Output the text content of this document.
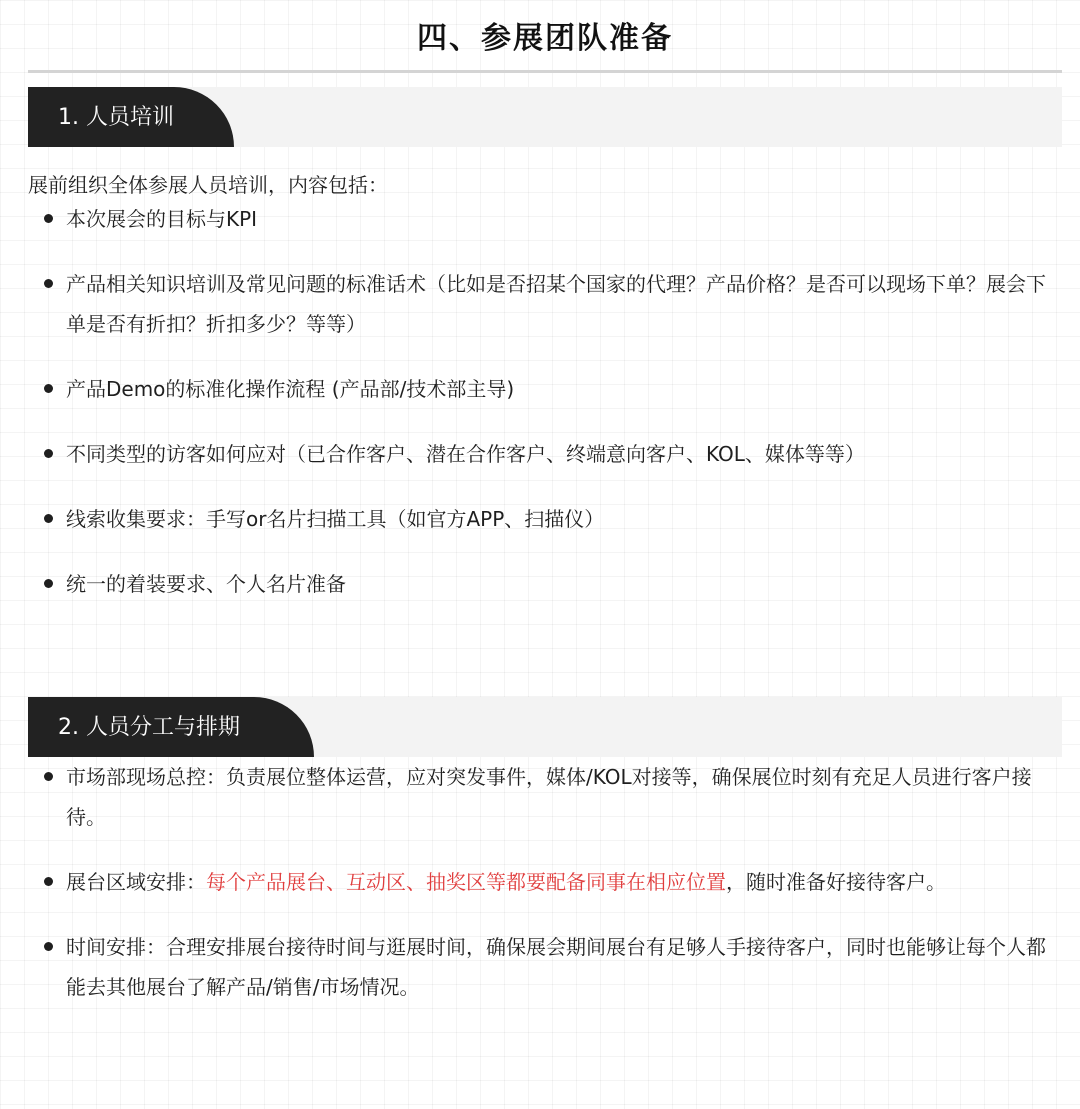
四、参展团队准备
1. 人员培训

展前组织全体参展人员培训，内容包括：

本次展会的目标与KPI
产品相关知识培训及常见问题的标准话术（比如是否招某个国家的代理？产品价格？是否可以现场下单？展会下单是否有折扣？折扣多少？等等）
产品Demo的标准化操作流程 (产品部/技术部主导)
不同类型的访客如何应对（已合作客户、潜在合作客户、终端意向客户、KOL、媒体等等）
线索收集要求：手写or名片扫描工具（如官方APP、扫描仪）
统一的着装要求、个人名片准备
2. 人员分工与排期
市场部现场总控：负责展位整体运营，应对突发事件，媒体/KOL对接等，确保展位时刻有充足人员进行客户接待。
展台区域安排：每个产品展台、互动区、抽奖区等都要配备同事在相应位置，随时准备好接待客户。
时间安排：合理安排展台接待时间与逛展时间，确保展会期间展台有足够人手接待客户，同时也能够让每个人都能去其他展台了解产品/销售/市场情况。
